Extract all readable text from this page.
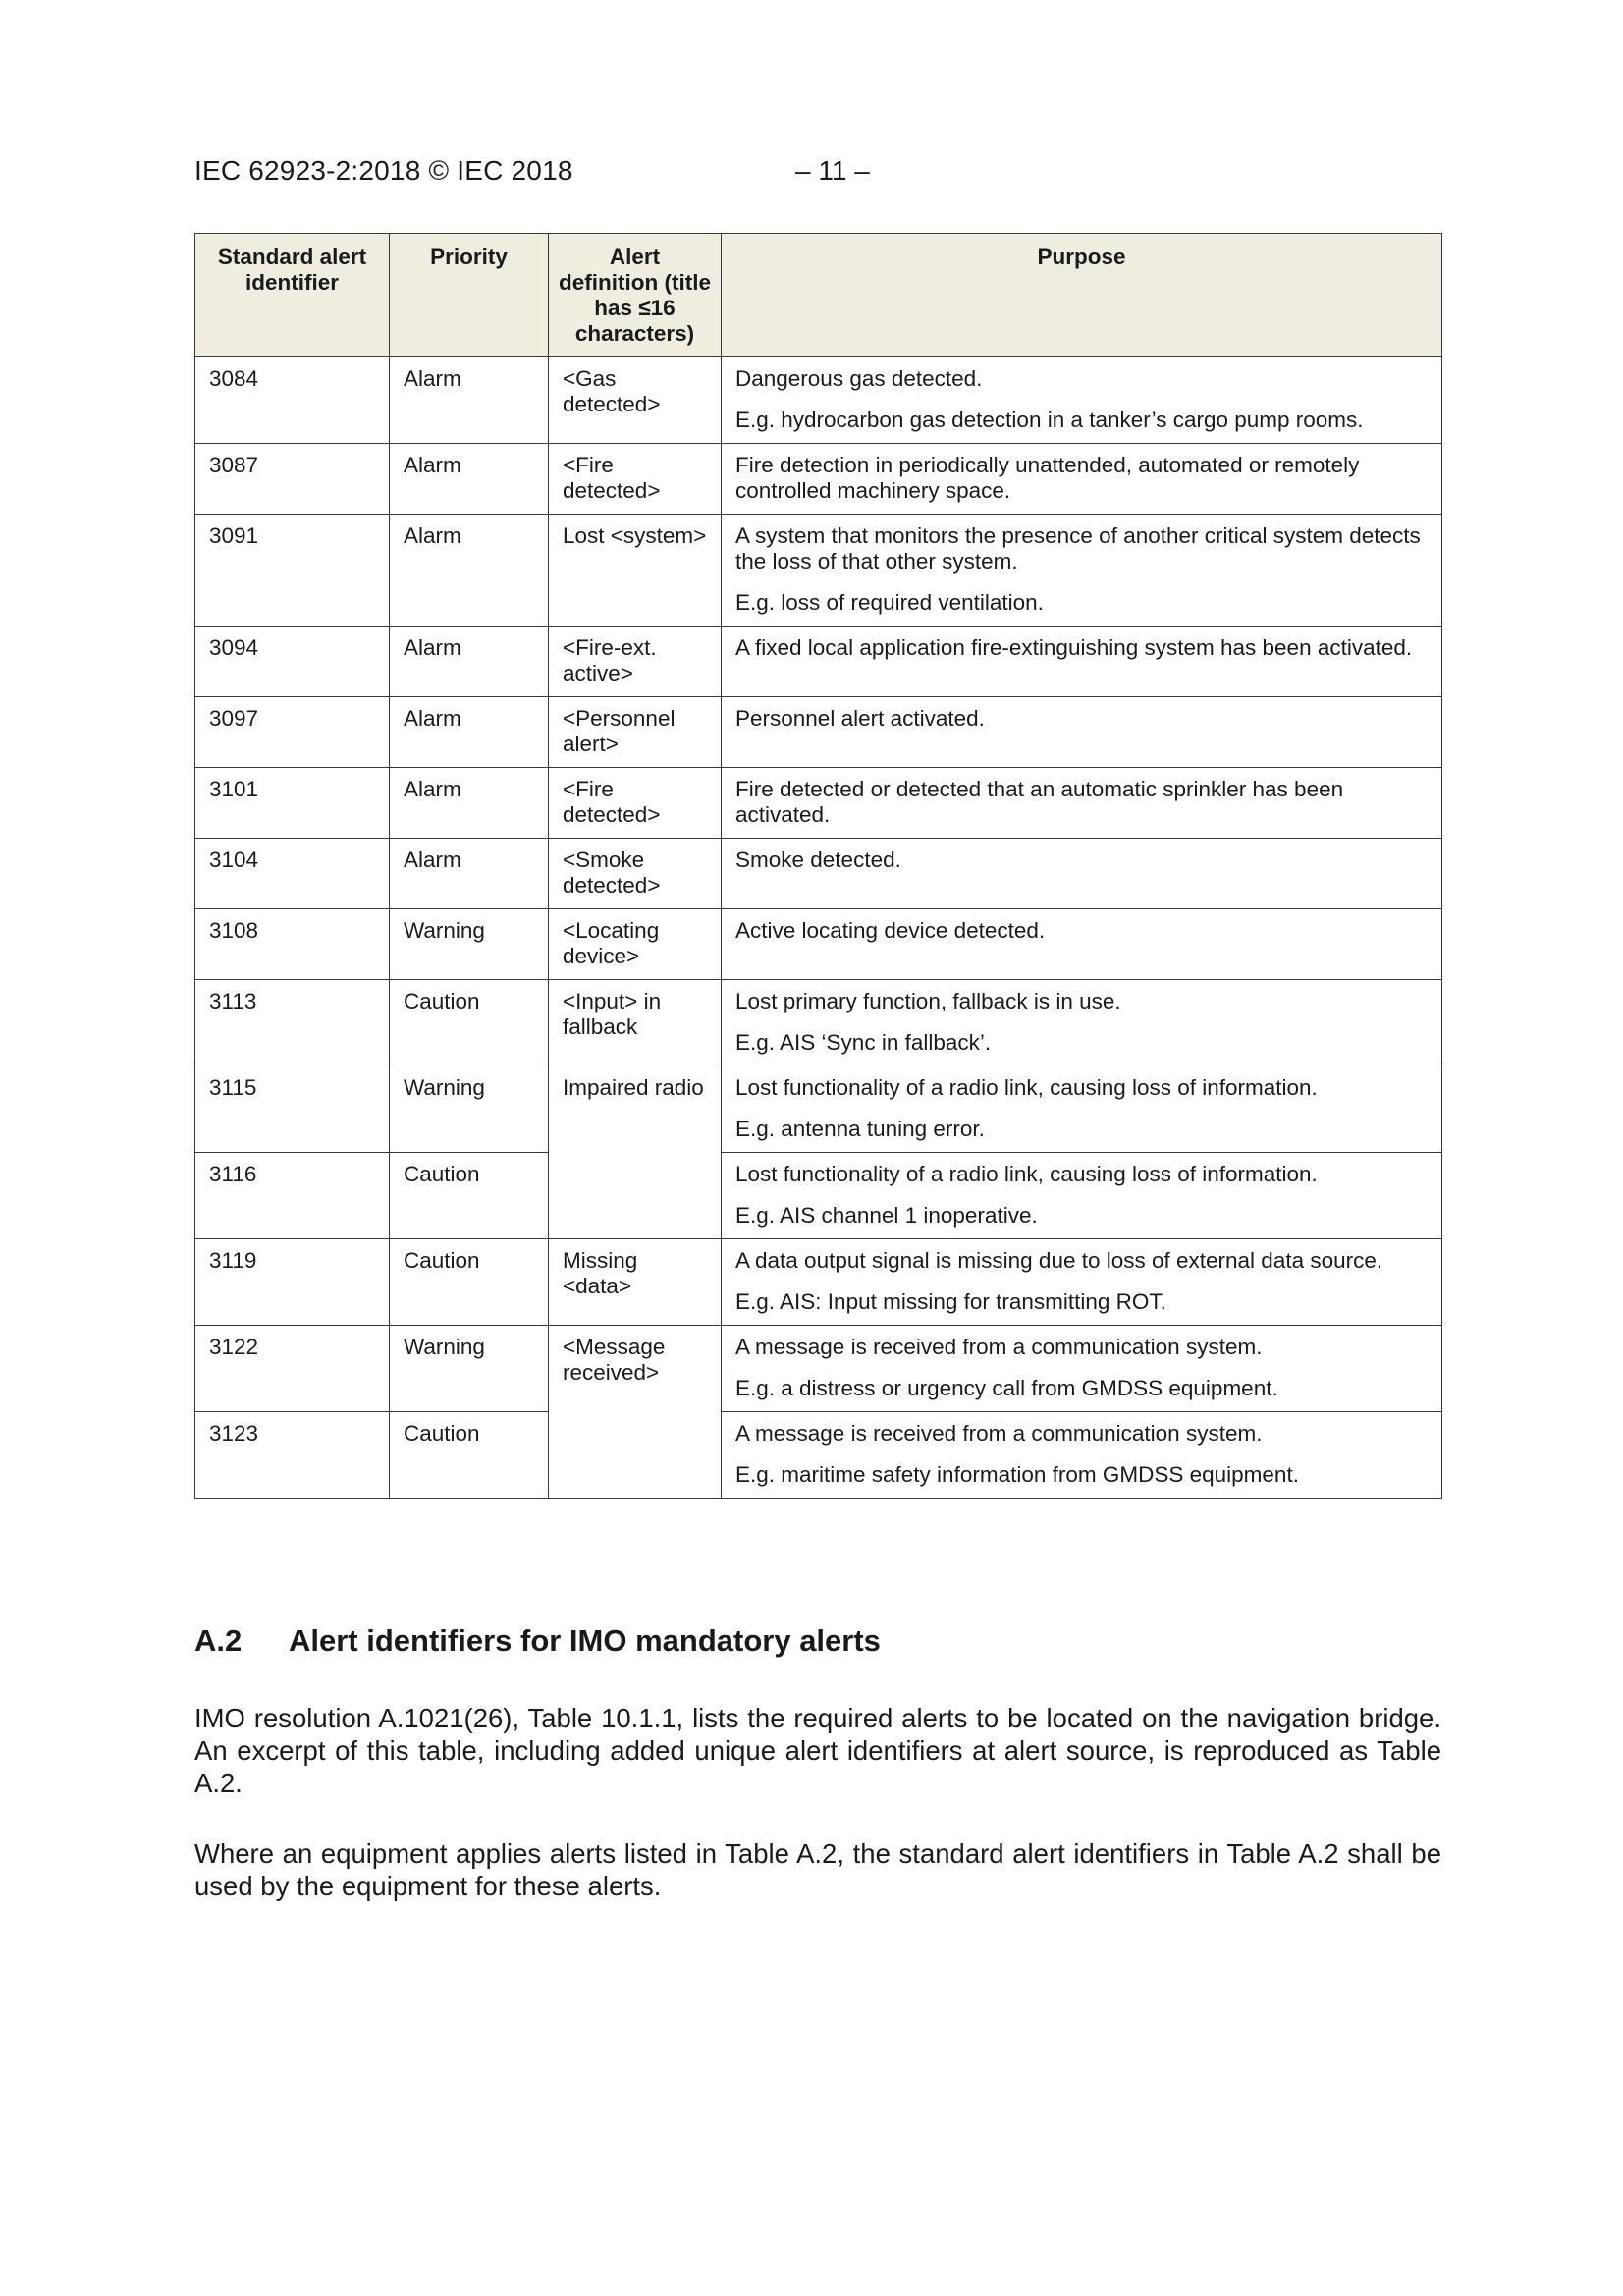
IEC 62923-2:2018 © IEC 2018	– 11 –
Standard alert identifier	Priority	Alert definition (title has ≤16 characters)	Purpose
3084	Alarm	<Gas detected>	Dangerous gas detected.

E.g. hydrocarbon gas detection in a tanker’s cargo pump rooms.

3087	Alarm	<Fire detected>	Fire detection in periodically unattended, automated or remotely controlled machinery space.

3091	Alarm	Lost <system>	A system that monitors the presence of another critical system detects the loss of that other system.

E.g. loss of required ventilation.

3094	Alarm	<Fire-ext. active>	A fixed local application fire-extinguishing system has been activated.

3097	Alarm	<Personnel alert>	Personnel alert activated.

3101	Alarm	<Fire detected>	Fire detected or detected that an automatic sprinkler has been activated.

3104	Alarm	<Smoke detected>	Smoke detected.

3108	Warning	<Locating device>	Active locating device detected.

3113	Caution	<Input> in fallback	Lost primary function, fallback is in use.

E.g. AIS ‘Sync in fallback’.

3115	Warning	Impaired radio	Lost functionality of a radio link, causing loss of information.

E.g. antenna tuning error.

3116	Caution		Lost functionality of a radio link, causing loss of information.

E.g. AIS channel 1 inoperative.

3119	Caution	Missing <data>	A data output signal is missing due to loss of external data source.

E.g. AIS: Input missing for transmitting ROT.

3122	Warning	<Message received>	A message is received from a communication system.

E.g. a distress or urgency call from GMDSS equipment.

3123	Caution		A message is received from a communication system.

E.g. maritime safety information from GMDSS equipment.

A.2 Alert identifiers for IMO mandatory alerts

IMO resolution A.1021(26), Table 10.1.1, lists the required alerts to be located on the navigation bridge. An excerpt of this table, including added unique alert identifiers at alert source, is reproduced as Table A.2.

Where an equipment applies alerts listed in Table A.2, the standard alert identifiers in Table A.2 shall be used by the equipment for these alerts.
